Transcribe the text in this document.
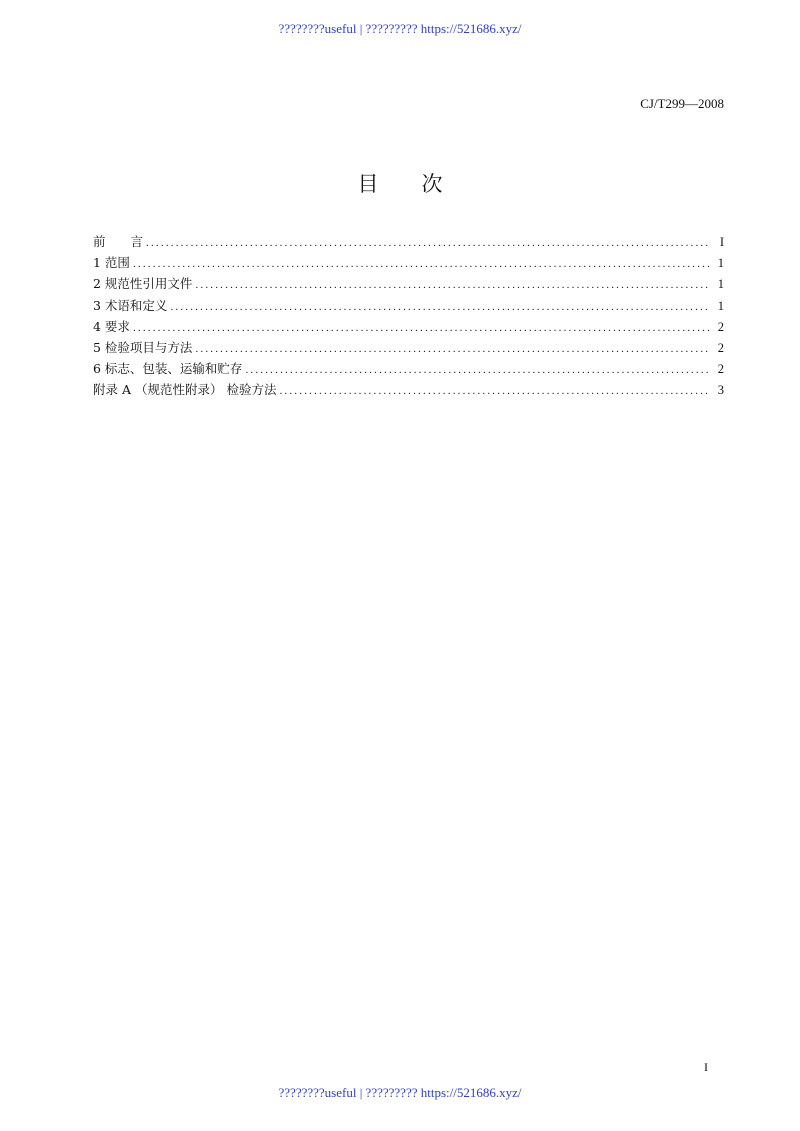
????????useful | ????????? https://521686.xyz/
CJ/T299—2008
目次
前　　言 .....	I
1 范围 .....	1
2 规范性引用文件 .....	1
3 术语和定义 .....	1
4 要求 .....	2
5 检验项目与方法 .....	2
6 标志、包装、运输和贮存 .....	2
附录 A （规范性附录） 检验方法 .....	3
I
????????useful | ????????? https://521686.xyz/
